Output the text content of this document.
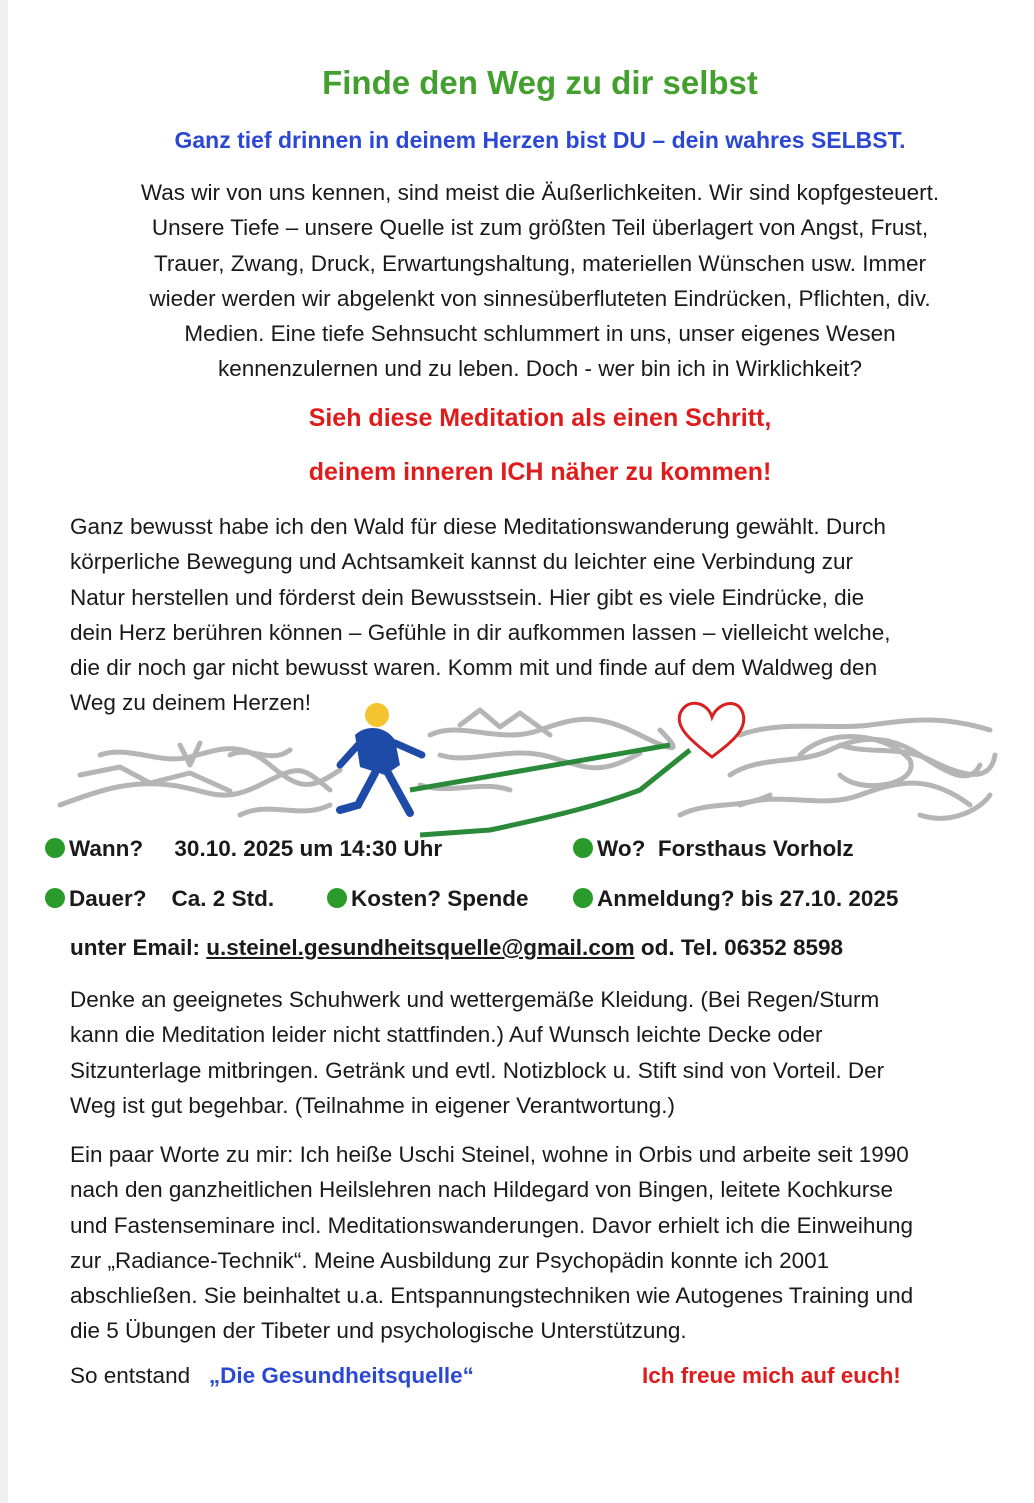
Finde den Weg zu dir selbst
Ganz tief drinnen in deinem Herzen bist DU – dein wahres SELBST.
Was wir von uns kennen, sind meist die Äußerlichkeiten. Wir sind kopfgesteuert.
Unsere Tiefe – unsere Quelle ist zum größten Teil überlagert von Angst, Frust,
Trauer, Zwang, Druck, Erwartungshaltung, materiellen Wünschen usw. Immer
wieder werden wir abgelenkt von sinnesüberfluteten Eindrücken, Pflichten, div.
Medien. Eine tiefe Sehnsucht schlummert in uns, unser eigenes Wesen
kennenzulernen und zu leben. Doch - wer bin ich in Wirklichkeit?
Sieh diese Meditation als einen Schritt,
deinem inneren ICH näher zu kommen!
Ganz bewusst habe ich den Wald für diese Meditationswanderung gewählt. Durch
körperliche Bewegung und Achtsamkeit kannst du leichter eine Verbindung zur
Natur herstellen und förderst dein Bewusstsein. Hier gibt es viele Eindrücke, die
dein Herz berühren können – Gefühle in dir aufkommen lassen – vielleicht welche,
die dir noch gar nicht bewusst waren. Komm mit und finde auf dem Waldweg den
Weg zu deinem Herzen!
Wann? 30.10. 2025 um 14:30 Uhr	Wo? Forsthaus Vorholz
Dauer? Ca. 2 Std.	Kosten? Spende	Anmeldung? bis 27.10. 2025
unter Email: u.steinel.gesundheitsquelle@gmail.com od. Tel. 06352 8598
Denke an geeignetes Schuhwerk und wettergemäße Kleidung. (Bei Regen/Sturm
kann die Meditation leider nicht stattfinden.) Auf Wunsch leichte Decke oder
Sitzunterlage mitbringen. Getränk und evtl. Notizblock u. Stift sind von Vorteil. Der
Weg ist gut begehbar. (Teilnahme in eigener Verantwortung.)
Ein paar Worte zu mir: Ich heiße Uschi Steinel, wohne in Orbis und arbeite seit 1990
nach den ganzheitlichen Heilslehren nach Hildegard von Bingen, leitete Kochkurse
und Fastenseminare incl. Meditationswanderungen. Davor erhielt ich die Einweihung
zur „Radiance-Technik“. Meine Ausbildung zur Psychopädin konnte ich 2001
abschließen. Sie beinhaltet u.a. Entspannungstechniken wie Autogenes Training und
die 5 Übungen der Tibeter und psychologische Unterstützung.
So entstand „Die Gesundheitsquelle“	Ich freue mich auf euch!
